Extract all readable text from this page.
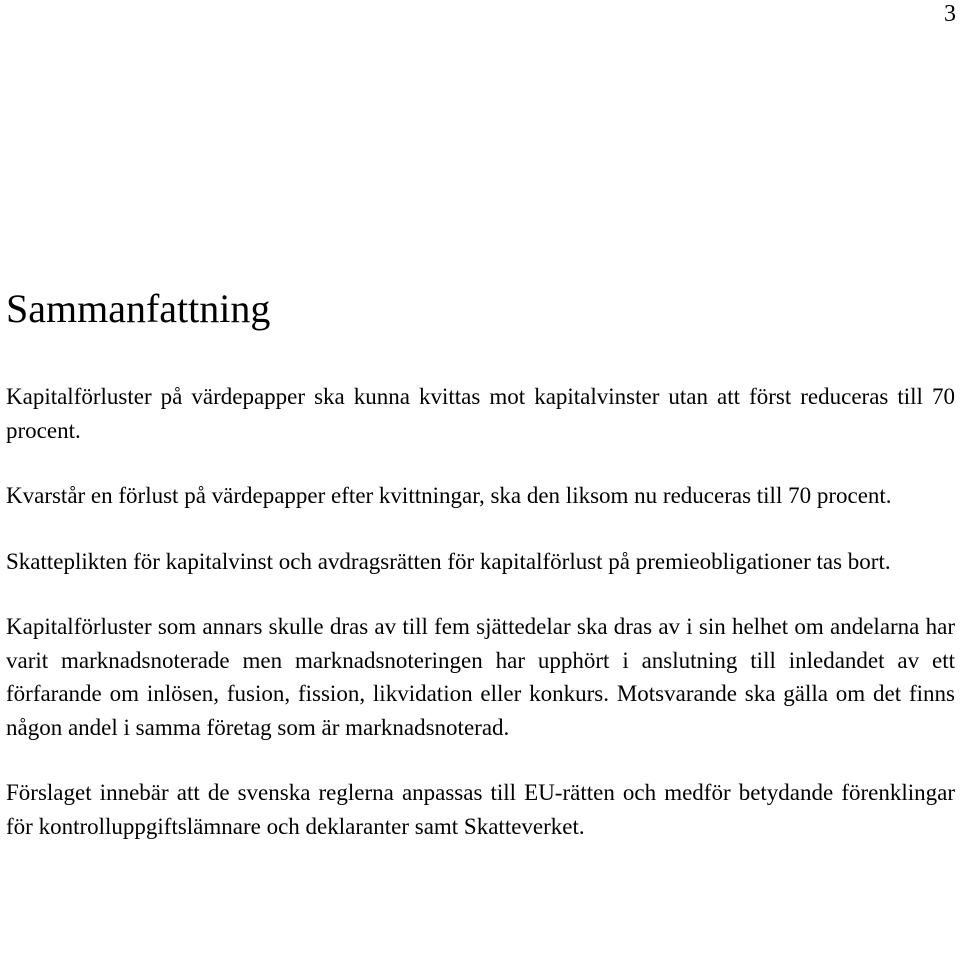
3
Sammanfattning

Kapitalförluster på värdepapper ska kunna kvittas mot kapitalvinster utan att först reduceras till 70 procent.

Kvarstår en förlust på värdepapper efter kvittningar, ska den liksom nu reduceras till 70 procent.

Skatteplikten för kapitalvinst och avdragsrätten för kapitalförlust på premieobligationer tas bort.

Kapitalförluster som annars skulle dras av till fem sjättedelar ska dras av i sin helhet om andelarna har varit marknadsnoterade men marknadsnoteringen har upphört i anslutning till inledandet av ett förfarande om inlösen, fusion, fission, likvidation eller konkurs. Motsvarande ska gälla om det finns någon andel i samma företag som är marknadsnoterad.

Förslaget innebär att de svenska reglerna anpassas till EU-rätten och medför betydande förenklingar för kontrolluppgiftslämnare och deklaranter samt Skatteverket.
